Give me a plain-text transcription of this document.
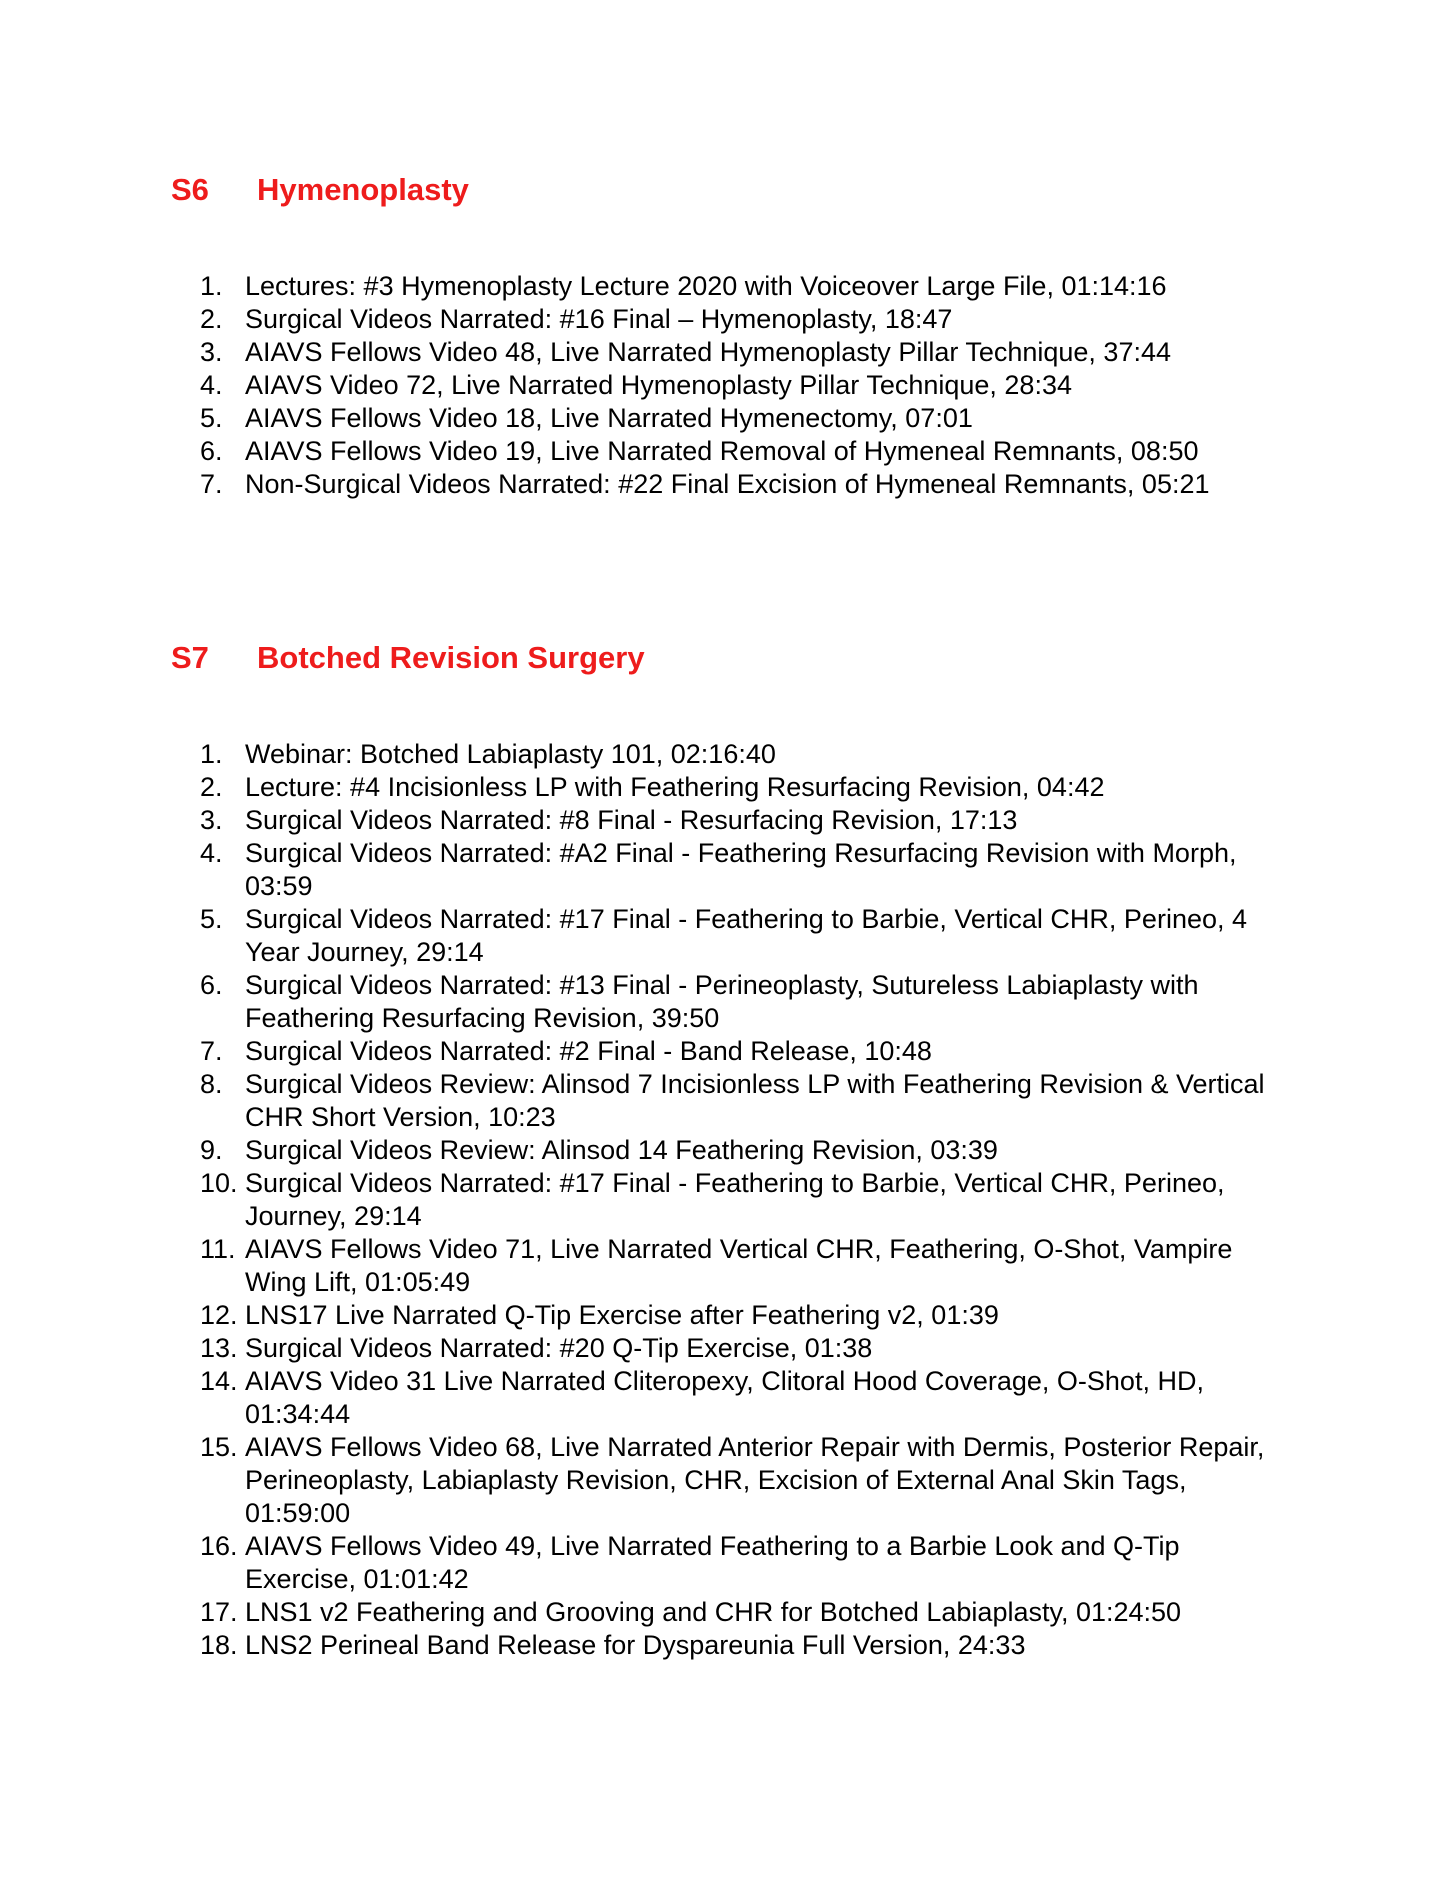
S6 Hymenoplasty
1. Lectures: #3 Hymenoplasty Lecture 2020 with Voiceover Large File, 01:14:16
2. Surgical Videos Narrated: #16 Final – Hymenoplasty, 18:47
3. AIAVS Fellows Video 48, Live Narrated Hymenoplasty Pillar Technique, 37:44
4. AIAVS Video 72, Live Narrated Hymenoplasty Pillar Technique, 28:34
5. AIAVS Fellows Video 18, Live Narrated Hymenectomy, 07:01
6. AIAVS Fellows Video 19, Live Narrated Removal of Hymeneal Remnants, 08:50
7. Non-Surgical Videos Narrated: #22 Final Excision of Hymeneal Remnants, 05:21
S7 Botched Revision Surgery
1. Webinar: Botched Labiaplasty 101, 02:16:40
2. Lecture: #4 Incisionless LP with Feathering Resurfacing Revision, 04:42
3. Surgical Videos Narrated: #8 Final - Resurfacing Revision, 17:13
4. Surgical Videos Narrated: #A2 Final - Feathering Resurfacing Revision with Morph, 03:59
5. Surgical Videos Narrated: #17 Final - Feathering to Barbie, Vertical CHR, Perineo, 4 Year Journey, 29:14
6. Surgical Videos Narrated: #13 Final - Perineoplasty, Sutureless Labiaplasty with Feathering Resurfacing Revision, 39:50
7. Surgical Videos Narrated: #2 Final - Band Release, 10:48
8. Surgical Videos Review: Alinsod 7 Incisionless LP with Feathering Revision & Vertical CHR Short Version, 10:23
9. Surgical Videos Review: Alinsod 14 Feathering Revision, 03:39
10. Surgical Videos Narrated: #17 Final - Feathering to Barbie, Vertical CHR, Perineo, Journey, 29:14
11. AIAVS Fellows Video 71, Live Narrated Vertical CHR, Feathering, O-Shot, Vampire Wing Lift, 01:05:49
12. LNS17 Live Narrated Q-Tip Exercise after Feathering v2, 01:39
13. Surgical Videos Narrated: #20 Q-Tip Exercise, 01:38
14. AIAVS Video 31 Live Narrated Cliteropexy, Clitoral Hood Coverage, O-Shot, HD, 01:34:44
15. AIAVS Fellows Video 68, Live Narrated Anterior Repair with Dermis, Posterior Repair, Perineoplasty, Labiaplasty Revision, CHR, Excision of External Anal Skin Tags, 01:59:00
16. AIAVS Fellows Video 49, Live Narrated Feathering to a Barbie Look and Q-Tip Exercise, 01:01:42
17. LNS1 v2 Feathering and Grooving and CHR for Botched Labiaplasty, 01:24:50
18. LNS2 Perineal Band Release for Dyspareunia Full Version, 24:33
